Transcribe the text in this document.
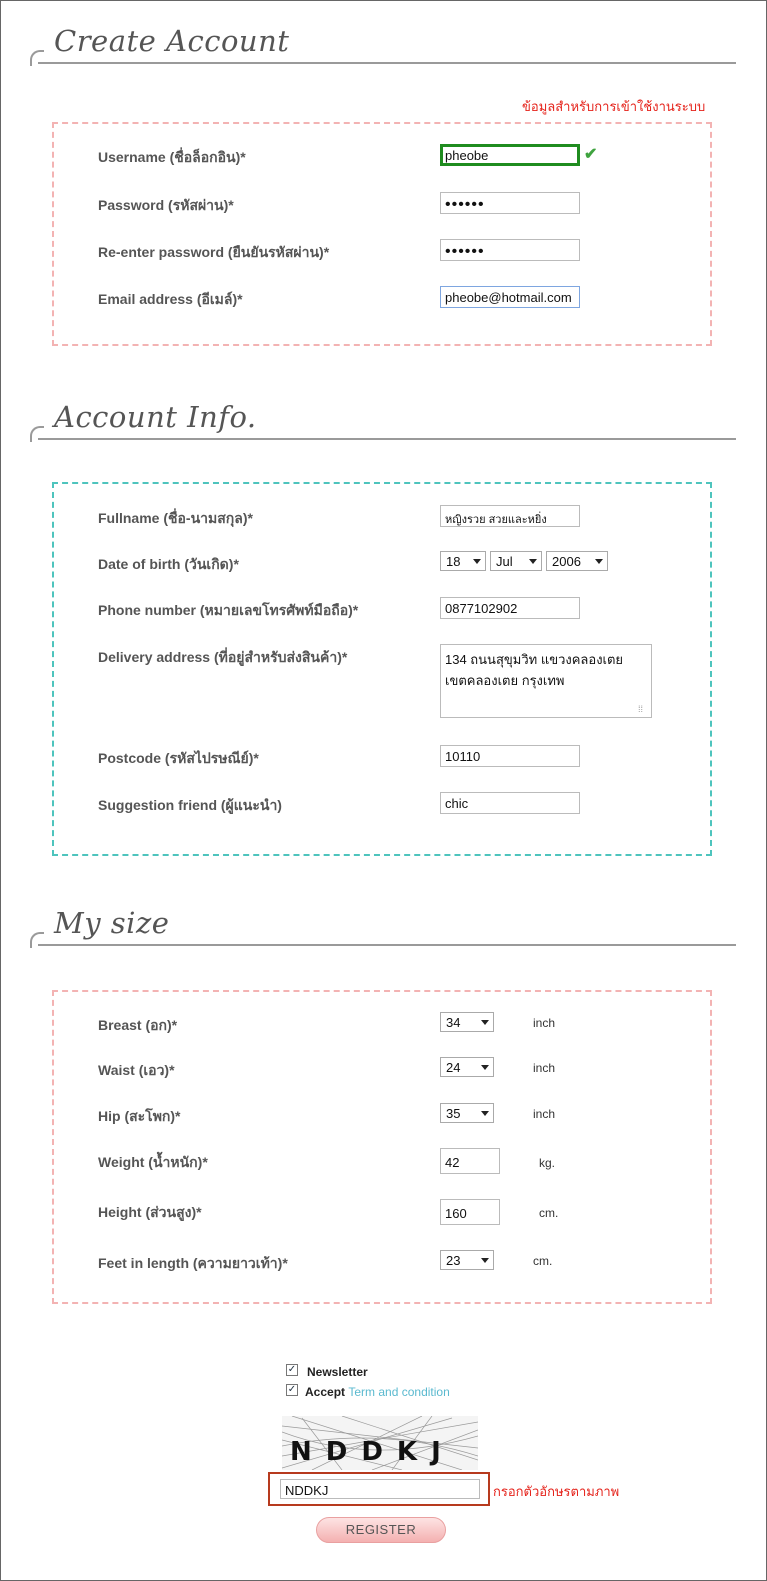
Create Account
ข้อมูลสำหรับการเข้าใช้งานระบบ
Username (ชื่อล็อกอิน)*	pheobe	✔
Password (รหัสผ่าน)*	••••••
Re-enter password (ยืนยันรหัสผ่าน)*	••••••
Email address (อีเมล์)*	pheobe@hotmail.com
Account Info.
Fullname (ชื่อ-นามสกุล)*	หญิงรวย สวยและหยิ่ง
Date of birth (วันเกิด)*	18	Jul	2006
Phone number (หมายเลขโทรศัพท์มือถือ)*	0877102902
Delivery address (ที่อยู่สำหรับส่งสินค้า)*
134 ถนนสุขุมวิท แขวงคลองเตย เขตคลองเตย กรุงเทพ
⁞⁞
Postcode (รหัสไปรษณีย์)*	10110
Suggestion friend (ผู้แนะนำ)	chic
My size
Breast (อก)*	34	inch
Waist (เอว)*	24	inch
Hip (สะโพก)*	35	inch
Weight (น้ำหนัก)*	42	kg.
Height (ส่วนสูง)*	160	cm.
Feet in length (ความยาวเท้า)*	23	cm.
✓ Newsletter
✓ Accept Term and condition
NDDKJ
NDDKJ	กรอกตัวอักษรตามภาพ
REGISTER
